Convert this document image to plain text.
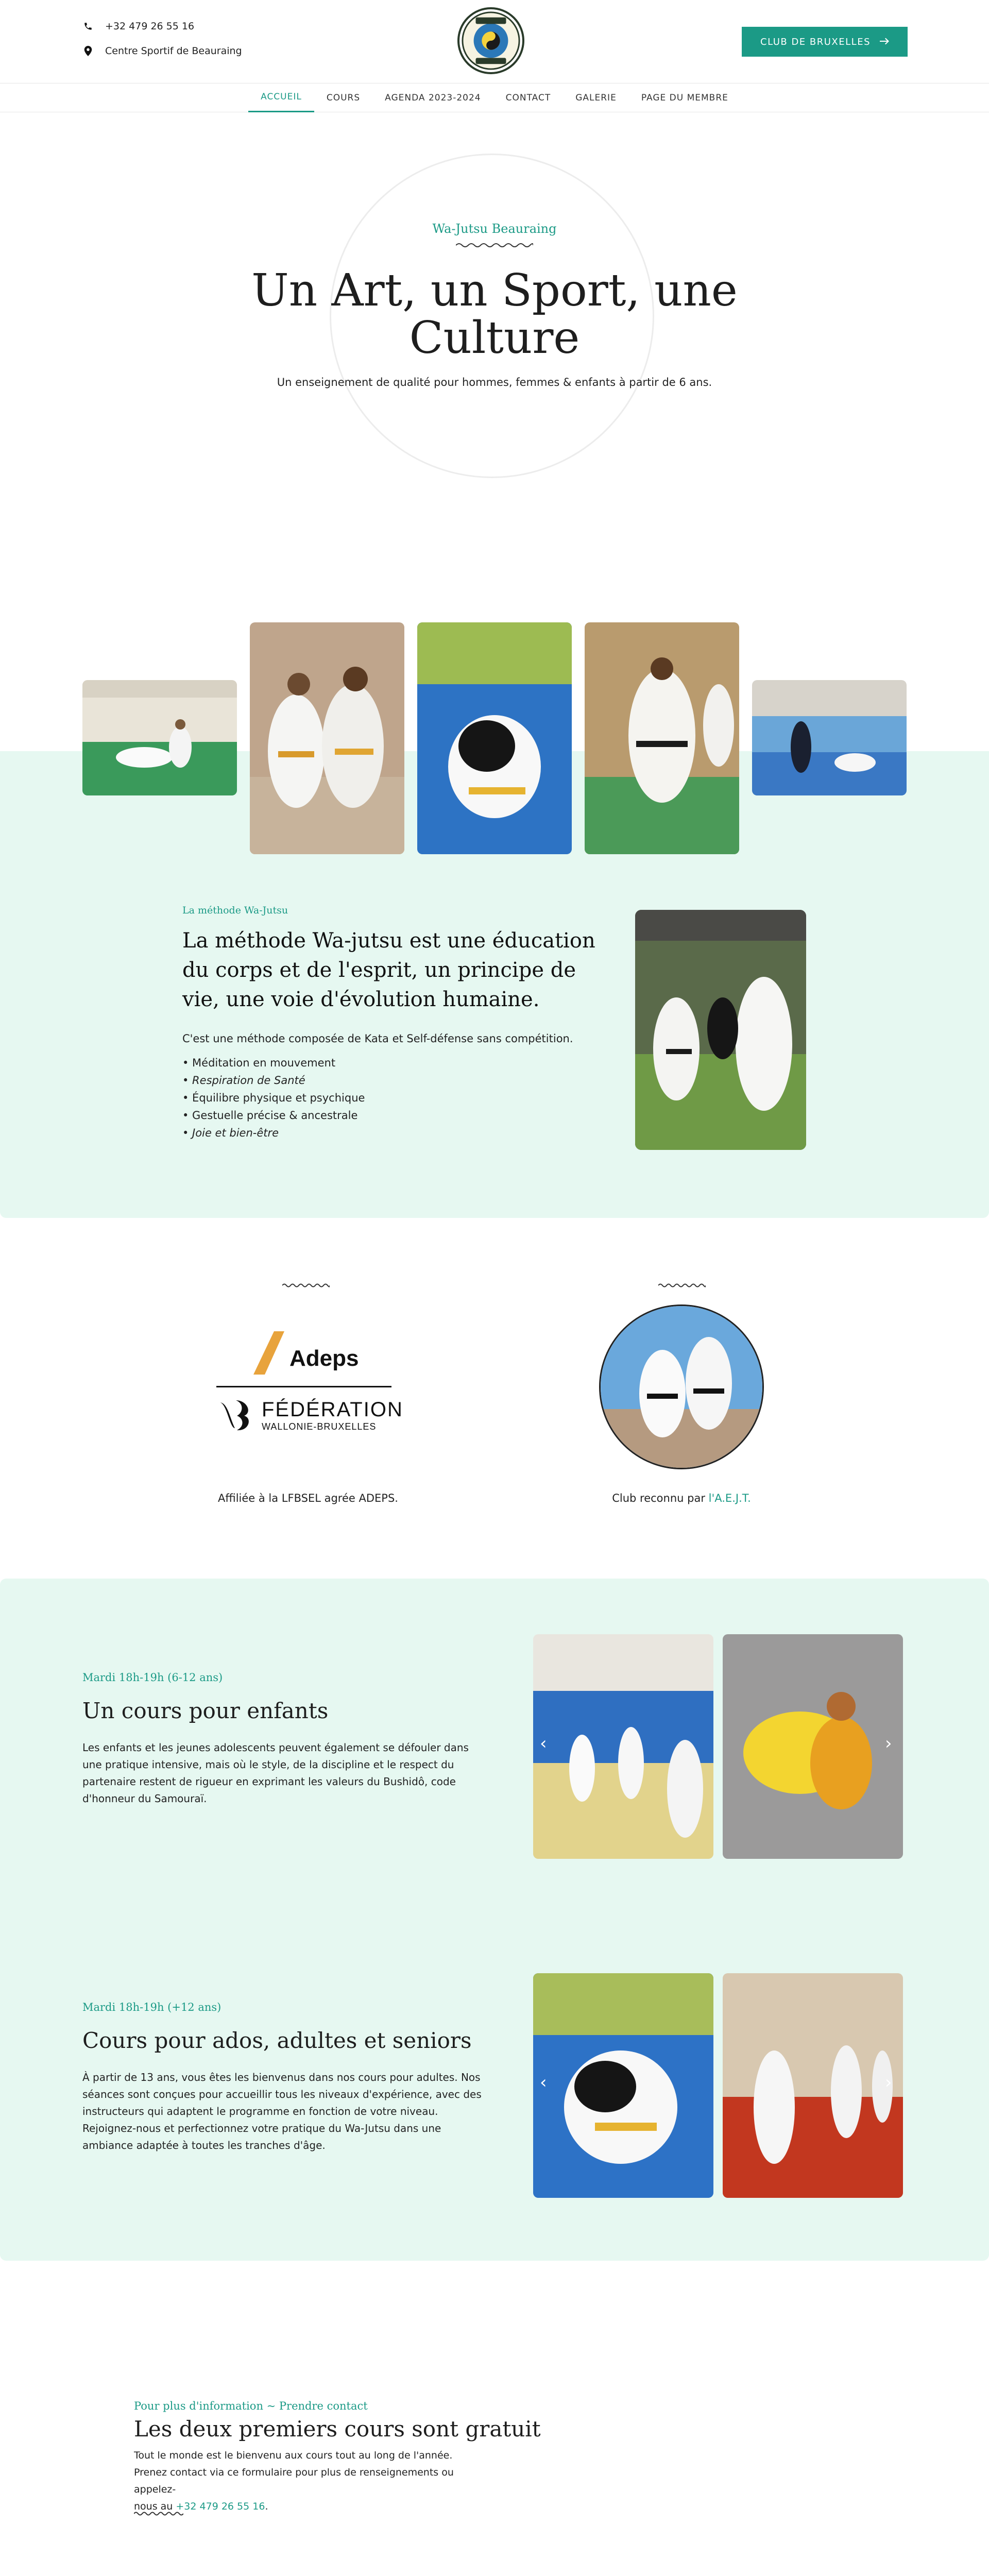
+32 479 26 55 16
Centre Sportif de Beauraing
CLUB DE BRUXELLES
ACCUEIL	COURS	AGENDA 2023-2024	CONTACT	GALERIE	PAGE DU MEMBRE
Wa-Jutsu Beauraing
Un Art, un Sport, une Culture

Un enseignement de qualité pour hommes, femmes & enfants à partir de 6 ans.

La méthode Wa-Jutsu
La méthode Wa-jutsu est une éducation du corps et de l'esprit, un principe de vie, une voie d'évolution humaine.

C'est une méthode composée de Kata et Self-défense sans compétition.

• Méditation en mouvement
• Respiration de Santé
• Équilibre physique et psychique
• Gestuelle précise & ancestrale
• Joie et bien-être
Adeps
FÉDÉRATION
WALLONIE-BRUXELLES

Affiliée à la LFBSEL agrée ADEPS.	Club reconnu par l'A.E.J.T.

Mardi 18h-19h (6-12 ans)
Un cours pour enfants

Les enfants et les jeunes adolescents peuvent également se défouler dans une pratique intensive, mais où le style, de la discipline et le respect du partenaire restent de rigueur en exprimant les valeurs du Bushidô, code d'honneur du Samouraï.

‹	›
Mardi 18h-19h (+12 ans)
Cours pour ados, adultes et seniors

À partir de 13 ans, vous êtes les bienvenus dans nos cours pour adultes. Nos séances sont conçues pour accueillir tous les niveaux d'expérience, avec des instructeurs qui adaptent le programme en fonction de votre niveau. Rejoignez-nous et perfectionnez votre pratique du Wa-Jutsu dans une ambiance adaptée à toutes les tranches d'âge.

‹	›
Pour plus d'information ~ Prendre contact
Les deux premiers cours sont gratuit
Tout le monde est le bienvenu aux cours tout au long de l'année.
Prenez contact via ce formulaire pour plus de renseignements ou appelez-
nous au +32 479 26 55 16.
